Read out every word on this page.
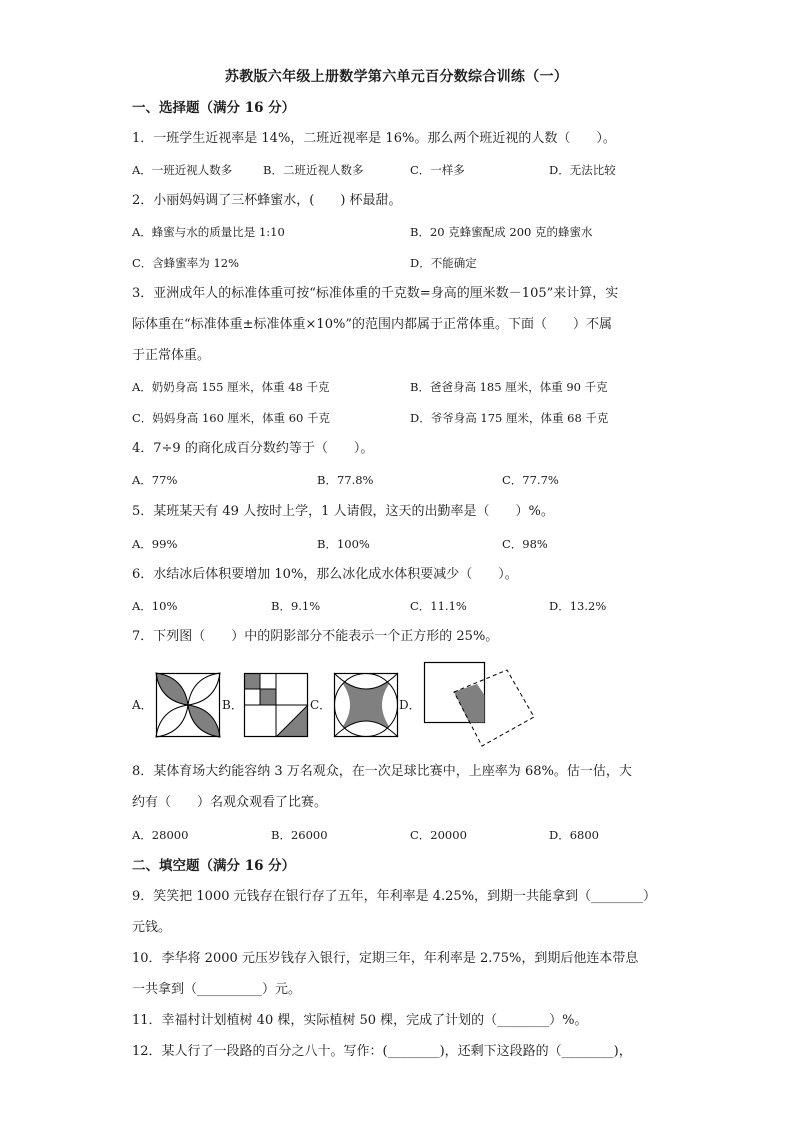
苏教版六年级上册数学第六单元百分数综合训练（一）
一、选择题（满分 16 分）
1．一班学生近视率是 14%，二班近视率是 16%。那么两个班近视的人数（　　）。
A．一班近视人数多	B．二班近视人数多	C．一样多	D．无法比较
2．小丽妈妈调了三杯蜂蜜水，(　　) 杯最甜。
A．蜂蜜与水的质量比是 1:10	B．20 克蜂蜜配成 200 克的蜂蜜水
C．含蜂蜜率为 12%	D．不能确定
3．亚洲成年人的标准体重可按“标准体重的千克数=身高的厘米数－105”来计算，实
际体重在“标准体重±标准体重×10%”的范围内都属于正常体重。下面（　　）不属
于正常体重。
A．奶奶身高 155 厘米，体重 48 千克	B．爸爸身高 185 厘米，体重 90 千克
C．妈妈身高 160 厘米，体重 60 千克	D．爷爷身高 175 厘米，体重 68 千克
4．7÷9 的商化成百分数约等于（　　）。
A．77%	B．77.8%	C．77.7%
5．某班某天有 49 人按时上学，1 人请假，这天的出勤率是（　　）%。
A．99%	B．100%	C．98%
6．水结冰后体积要增加 10%，那么冰化成水体积要减少（　　）。
A．10%	B．9.1%	C．11.1%	D．13.2%
7．下列图（　　）中的阴影部分不能表示一个正方形的 25%。
A．	B．	C．	D．
8．某体育场大约能容纳 3 万名观众，在一次足球比赛中，上座率为 68%。估一估，大
约有（　　）名观众观看了比赛。
A．28000	B．26000	C．20000	D．6800
二、填空题（满分 16 分）
9．笑笑把 1000 元钱存在银行存了五年，年利率是 4.25%，到期一共能拿到（________）
元钱。
10．李华将 2000 元压岁钱存入银行，定期三年，年利率是 2.75%，到期后他连本带息
一共拿到（__________）元。
11．幸福村计划植树 40 棵，实际植树 50 棵，完成了计划的（________）%。
12．某人行了一段路的百分之八十。写作：(________)，还剩下这段路的（________)，
